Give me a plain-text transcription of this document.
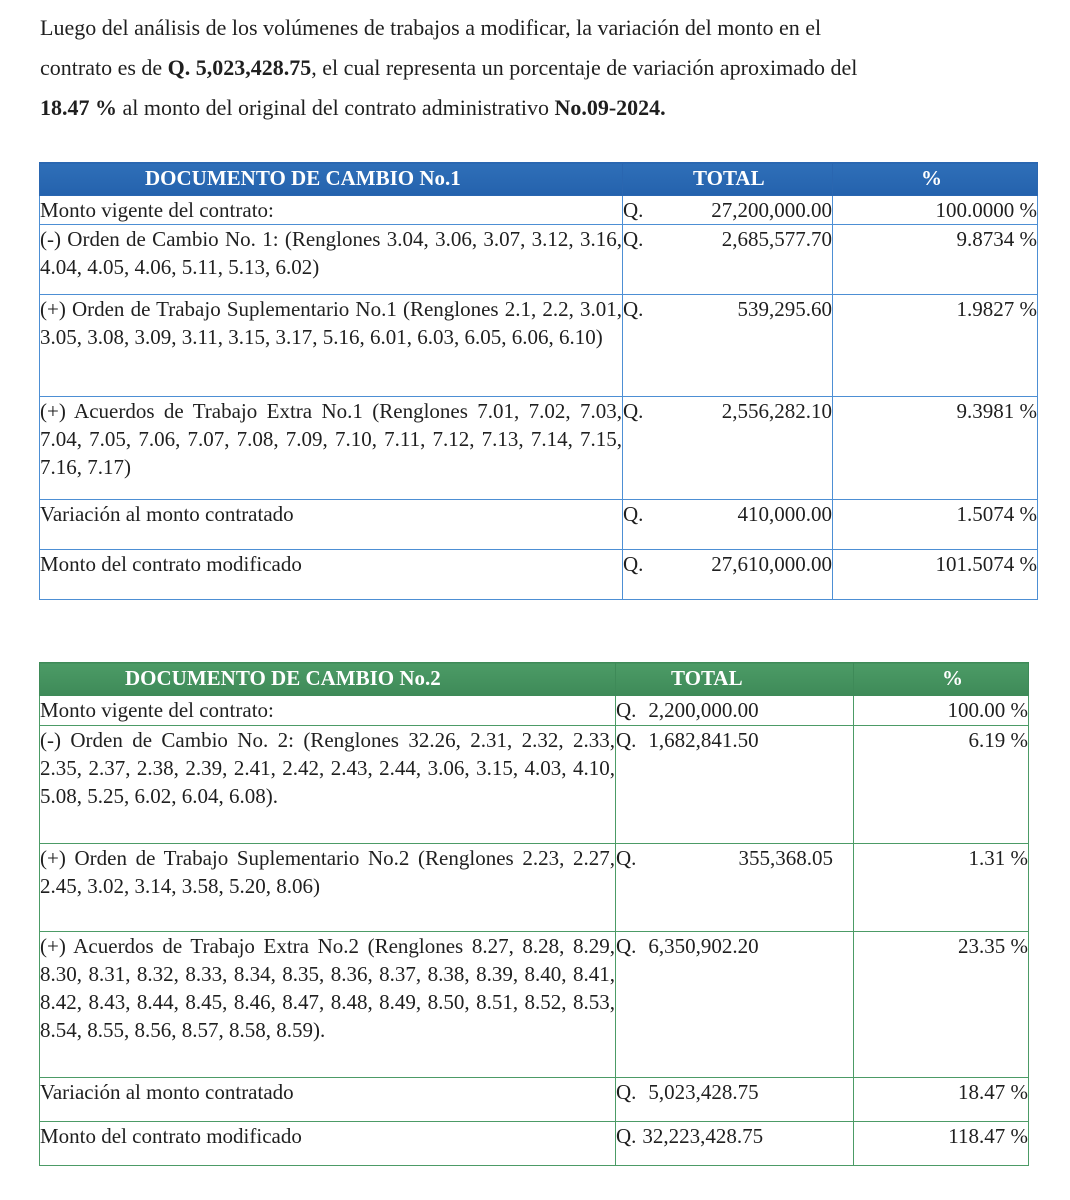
Luego del análisis de los volúmenes de trabajos a modificar, la variación del monto en el
contrato es de Q. 5,023,428.75, el cual representa un porcentaje de variación aproximado del
18.47 % al monto del original del contrato administrativo No.09-2024.
DOCUMENTO DE CAMBIO No.1	TOTAL	%
Monto vigente del contrato:	Q. 27,200,000.00	100.0000 %
(-) Orden de Cambio No. 1: (Renglones 3.04, 3.06, 3.07, 3.12, 3.16, 4.04, 4.05, 4.06, 5.11, 5.13, 6.02)	Q. 2,685,577.70	9.8734 %
(+) Orden de Trabajo Suplementario No.1 (Renglones 2.1, 2.2, 3.01, 3.05, 3.08, 3.09, 3.11, 3.15, 3.17, 5.16, 6.01, 6.03, 6.05, 6.06, 6.10)	Q. 539,295.60	1.9827 %
(+) Acuerdos de Trabajo Extra No.1 (Renglones 7.01, 7.02, 7.03, 7.04, 7.05, 7.06, 7.07, 7.08, 7.09, 7.10, 7.11, 7.12, 7.13, 7.14, 7.15, 7.16, 7.17)	Q. 2,556,282.10	9.3981 %
Variación al monto contratado	Q. 410,000.00	1.5074 %
Monto del contrato modificado	Q. 27,610,000.00	101.5074 %
DOCUMENTO DE CAMBIO No.2	TOTAL	%
Monto vigente del contrato:	Q. 2,200,000.00	100.00 %
(-) Orden de Cambio No. 2: (Renglones 32.26, 2.31, 2.32, 2.33, 2.35, 2.37, 2.38, 2.39, 2.41, 2.42, 2.43, 2.44, 3.06, 3.15, 4.03, 4.10, 5.08, 5.25, 6.02, 6.04, 6.08).	Q. 1,682,841.50	6.19 %
(+) Orden de Trabajo Suplementario No.2 (Renglones 2.23, 2.27, 2.45, 3.02, 3.14, 3.58, 5.20, 8.06)	Q. 355,368.05	1.31 %
(+) Acuerdos de Trabajo Extra No.2 (Renglones 8.27, 8.28, 8.29, 8.30, 8.31, 8.32, 8.33, 8.34, 8.35, 8.36, 8.37, 8.38, 8.39, 8.40, 8.41, 8.42, 8.43, 8.44, 8.45, 8.46, 8.47, 8.48, 8.49, 8.50, 8.51, 8.52, 8.53, 8.54, 8.55, 8.56, 8.57, 8.58, 8.59).	Q. 6,350,902.20	23.35 %
Variación al monto contratado	Q. 5,023,428.75	18.47 %
Monto del contrato modificado	Q. 32,223,428.75	118.47 %
